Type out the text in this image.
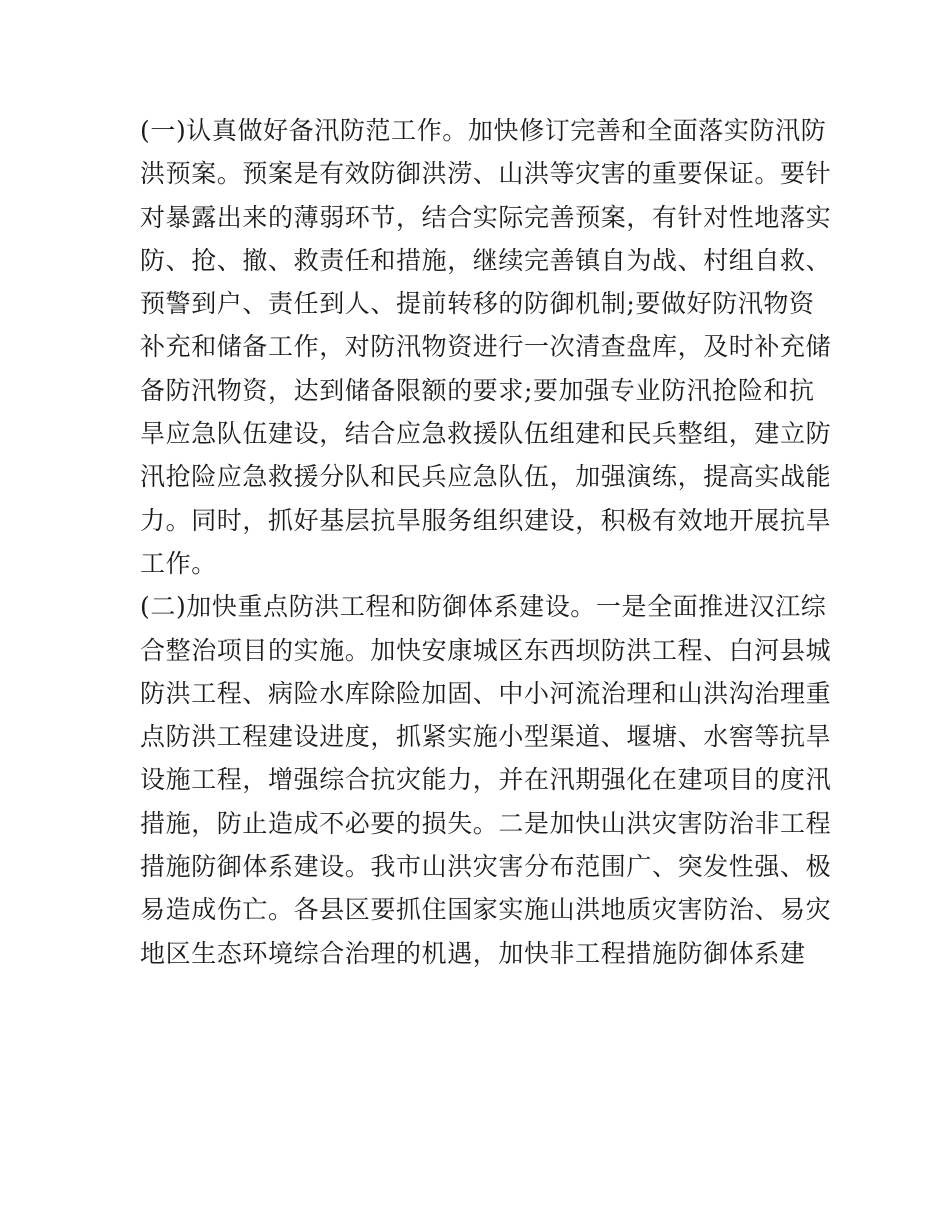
(一)认真做好备汛防范工作。加快修订完善和全面落实防汛防
洪预案。预案是有效防御洪涝、山洪等灾害的重要保证。要针
对暴露出来的薄弱环节，结合实际完善预案，有针对性地落实
防、抢、撤、救责任和措施，继续完善镇自为战、村组自救、
预警到户、责任到人、提前转移的防御机制;要做好防汛物资
补充和储备工作，对防汛物资进行一次清查盘库，及时补充储
备防汛物资，达到储备限额的要求;要加强专业防汛抢险和抗
旱应急队伍建设，结合应急救援队伍组建和民兵整组，建立防
汛抢险应急救援分队和民兵应急队伍，加强演练，提高实战能
力。同时，抓好基层抗旱服务组织建设，积极有效地开展抗旱
工作。
(二)加快重点防洪工程和防御体系建设。一是全面推进汉江综
合整治项目的实施。加快安康城区东西坝防洪工程、白河县城
防洪工程、病险水库除险加固、中小河流治理和山洪沟治理重
点防洪工程建设进度，抓紧实施小型渠道、堰塘、水窖等抗旱
设施工程，增强综合抗灾能力，并在汛期强化在建项目的度汛
措施，防止造成不必要的损失。二是加快山洪灾害防治非工程
措施防御体系建设。我市山洪灾害分布范围广、突发性强、极
易造成伤亡。各县区要抓住国家实施山洪地质灾害防治、易灾
地区生态环境综合治理的机遇，加快非工程措施防御体系建
